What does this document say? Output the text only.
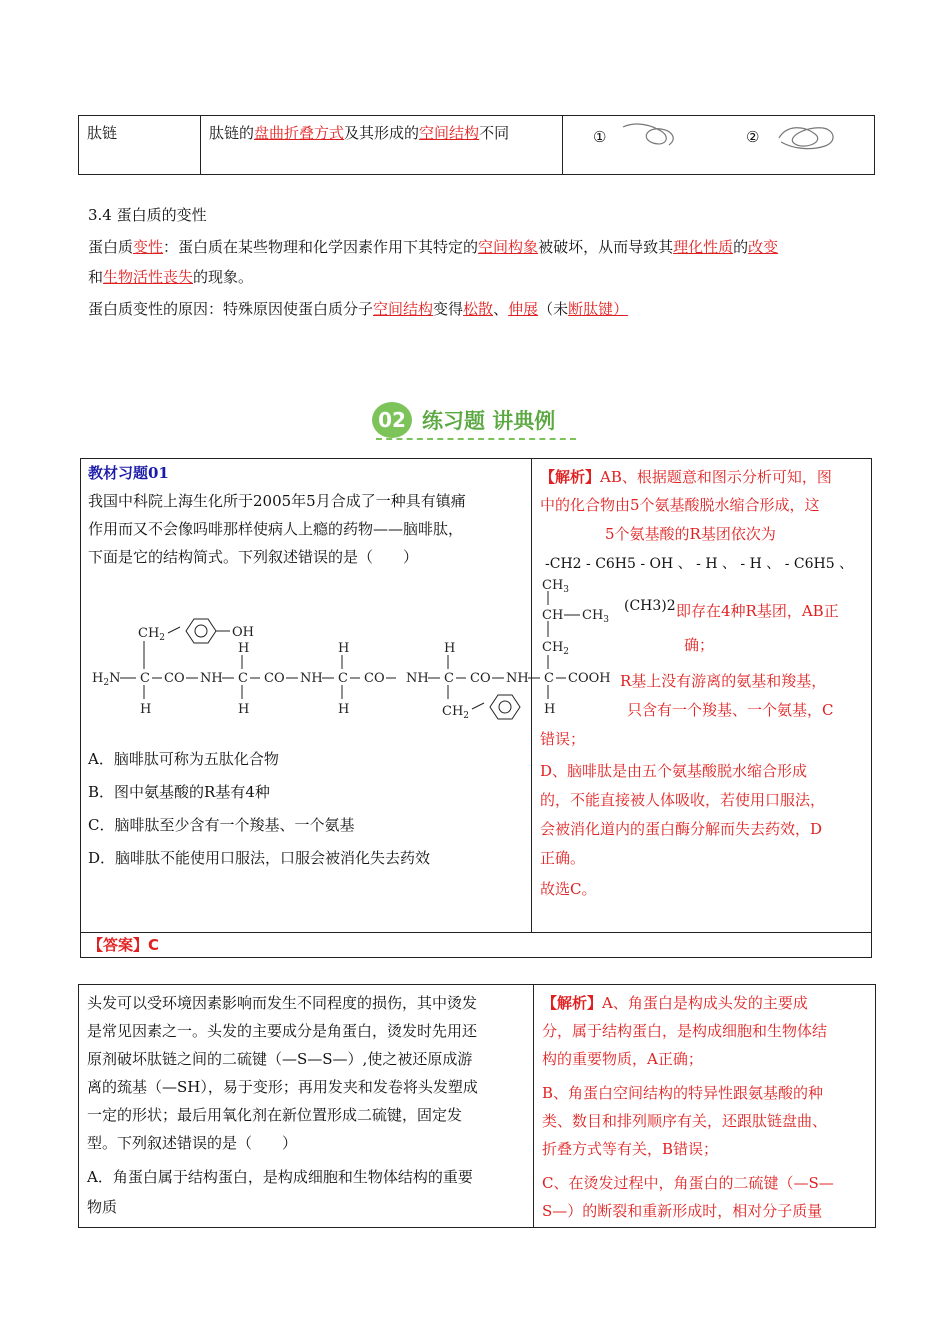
肽链	肽链的盘曲折叠方式及其形成的空间结构不同	①	②
3.4 蛋白质的变性
蛋白质变性：蛋白质在某些物理和化学因素作用下其特定的空间构象被破坏，从而导致其理化性质的改变
和生物活性丧失的现象。
蛋白质变性的原因：特殊原因使蛋白质分子空间结构变得松散、伸展（未断肽键）
02 练习题 讲典例
教材习题01
我国中科院上海生化所于2005年5月合成了一种具有镇痛
作用而又不会像吗啡那样使病人上瘾的药物——脑啡肽，
下面是它的结构简式。下列叙述错误的是（　　）
$H_2N$ C CO NH C CO NH C CO NH C CO NH C COOH
H	H	H	H
H	H	H
$CH_2$	OH
$CH_2$
$CH_2$
CH $CH_3$
$CH_3$
A．脑啡肽可称为五肽化合物
B．图中氨基酸的R基有4种
C．脑啡肽至少含有一个羧基、一个氨基
D．脑啡肽不能使用口服法，口服会被消化失去药效
【解析】AB、根据题意和图示分析可知，图
中的化合物由5个氨基酸脱水缩合形成，这
5个氨基酸的R基团依次为
-CH2 - C6H5 - OH 、 - H 、 - H 、 - C6H5 、
(CH3)2 即存在4种R基团，AB正
确；
R基上没有游离的氨基和羧基，
只含有一个羧基、一个氨基，C
错误；
D、脑啡肽是由五个氨基酸脱水缩合形成
的，不能直接被人体吸收，若使用口服法，
会被消化道内的蛋白酶分解而失去药效，D
正确。
故选C。
【答案】C
头发可以受环境因素影响而发生不同程度的损伤，其中烫发
是常见因素之一。头发的主要成分是角蛋白，烫发时先用还
原剂破坏肽链之间的二硫键（—S—S—）,使之被还原成游
离的巯基（—SH），易于变形；再用发夹和发卷将头发塑成
一定的形状；最后用氧化剂在新位置形成二硫键，固定发
型。下列叙述错误的是（　　）
A．角蛋白属于结构蛋白，是构成细胞和生物体结构的重要
物质
【解析】A、角蛋白是构成头发的主要成
分，属于结构蛋白，是构成细胞和生物体结
构的重要物质，A正确；
B、角蛋白空间结构的特异性跟氨基酸的种
类、数目和排列顺序有关，还跟肽链盘曲、
折叠方式等有关，B错误；
C、在烫发过程中，角蛋白的二硫键（—S—
S—）的断裂和重新形成时，相对分子质量
